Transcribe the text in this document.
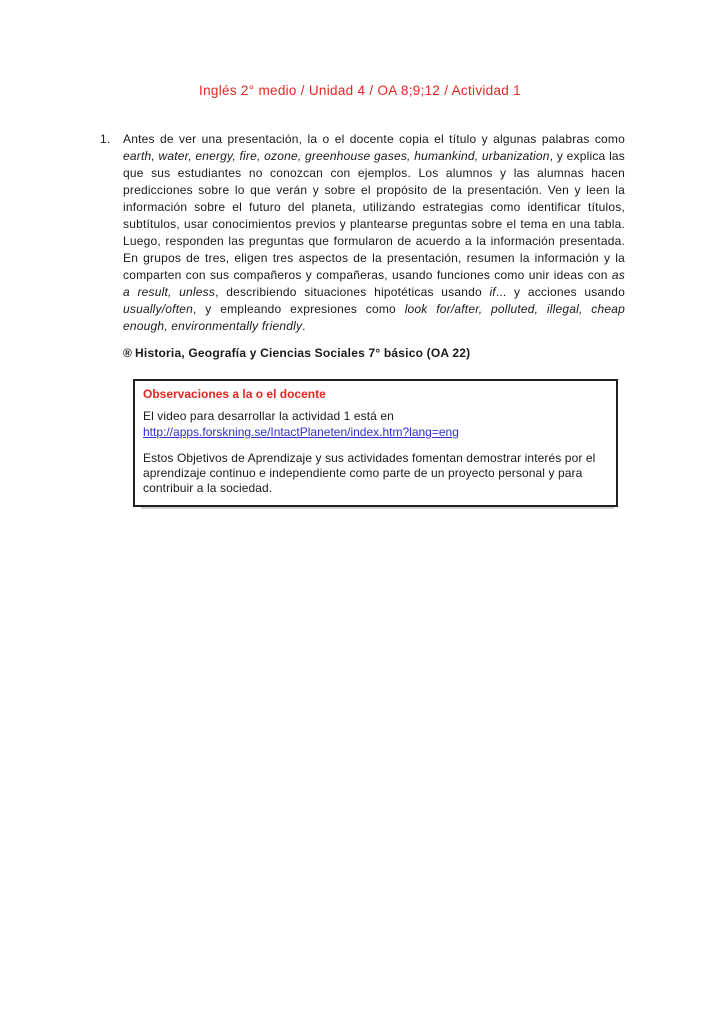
Inglés 2° medio / Unidad 4 / OA 8;9;12 / Actividad 1
1.	Antes de ver una presentación, la o el docente copia el título y algunas palabras como earth, water, energy, fire, ozone, greenhouse gases, humankind, urbanization, y explica las que sus estudiantes no conozcan con ejemplos. Los alumnos y las alumnas hacen predicciones sobre lo que verán y sobre el propósito de la presentación. Ven y leen la información sobre el futuro del planeta, utilizando estrategias como identificar títulos, subtítulos, usar conocimientos previos y plantearse preguntas sobre el tema en una tabla. Luego, responden las preguntas que formularon de acuerdo a la información presentada. En grupos de tres, eligen tres aspectos de la presentación, resumen la información y la comparten con sus compañeros y compañeras, usando funciones como unir ideas con as a result, unless, describiendo situaciones hipotéticas usando if... y acciones usando usually/often, y empleando expresiones como look for/after, polluted, illegal, cheap enough, environmentally friendly.

® Historia, Geografía y Ciencias Sociales 7° básico (OA 22)

Observaciones a la o el docente
El video para desarrollar la actividad 1 está en
http://apps.forskning.se/IntactPlaneten/index.htm?lang=eng
Estos Objetivos de Aprendizaje y sus actividades fomentan demostrar interés por el aprendizaje continuo e independiente como parte de un proyecto personal y para contribuir a la sociedad.
